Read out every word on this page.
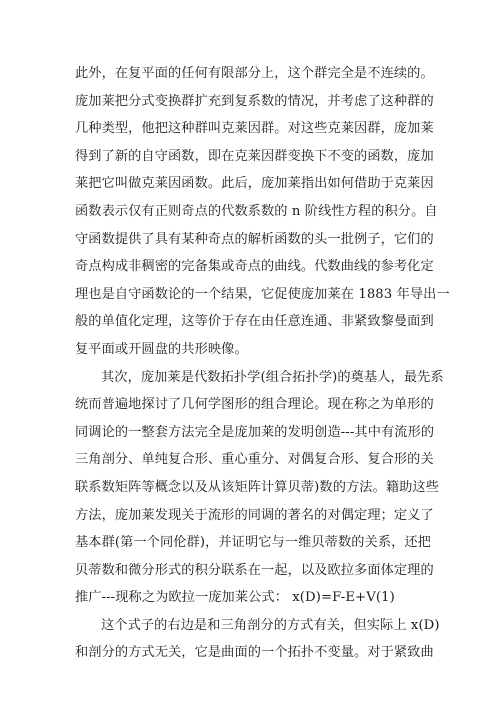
此外，在复平面的任何有限部分上，这个群完全是不连续的。
庞加莱把分式变换群扩充到复系数的情况，并考虑了这种群的
几种类型，他把这种群叫克莱因群。对这些克莱因群，庞加莱
得到了新的自守函数，即在克莱因群变换下不变的函数，庞加
莱把它叫做克莱因函数。此后，庞加莱指出如何借助于克莱因
函数表示仅有正则奇点的代数系数的 n 阶线性方程的积分。自
守函数提供了具有某种奇点的解析函数的头一批例子，它们的
奇点构成非稠密的完备集或奇点的曲线。代数曲线的参考化定
理也是自守函数论的一个结果，它促使庞加莱在 1883 年导出一
般的单值化定理，这等价于存在由任意连通、非紧致黎曼面到
复平面或开圆盘的共形映像。
其次，庞加莱是代数拓扑学(组合拓扑学)的奠基人，最先系
统而普遍地探讨了几何学图形的组合理论。现在称之为单形的
同调论的一整套方法完全是庞加莱的发明创造---其中有流形的
三角剖分、单纯复合形、重心重分、对偶复合形、复合形的关
联系数矩阵等概念以及从该矩阵计算贝蒂)数的方法。籍助这些
方法，庞加莱发现关于流形的同调的著名的对偶定理；定义了
基本群(第一个同伦群)，并证明它与一维贝蒂数的关系，还把
贝蒂数和微分形式的积分联系在一起，以及欧拉多面体定理的
推广---现称之为欧拉一庞加莱公式： x(D)=F-E+V(1)
这个式子的右边是和三角剖分的方式有关，但实际上 x(D)
和剖分的方式无关，它是曲面的一个拓扑不变量。对于紧致曲
